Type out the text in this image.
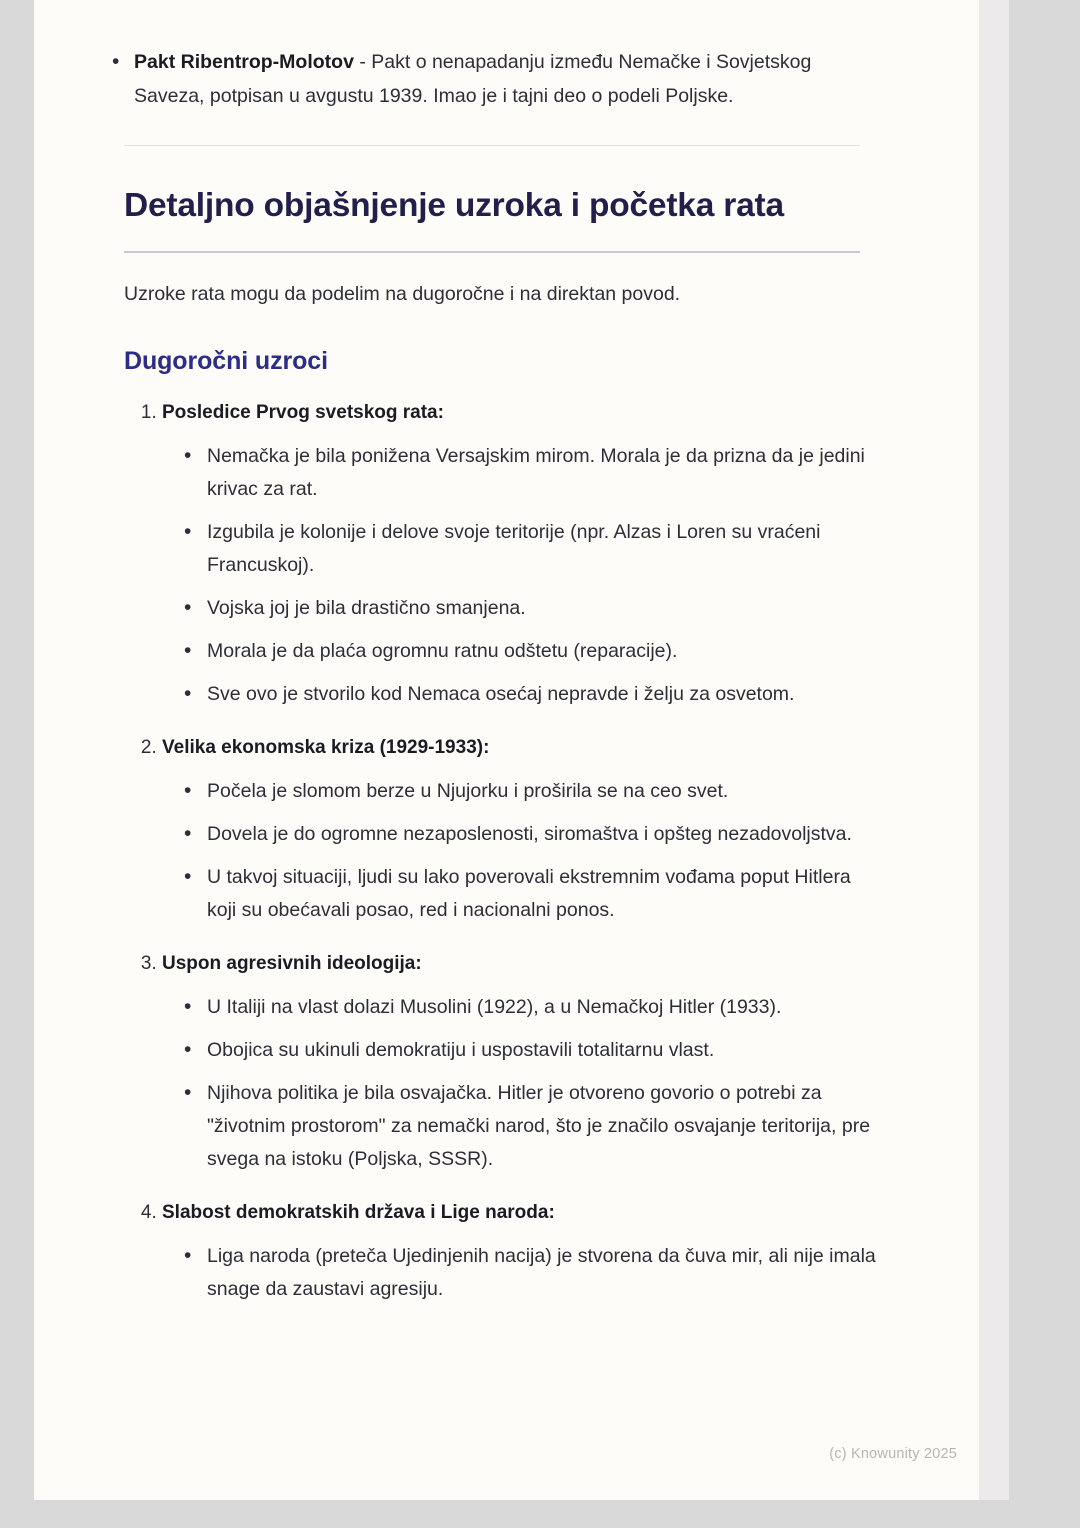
• Pakt Ribentrop-Molotov - Pakt o nenapadanju između Nemačke i Sovjetskog Saveza, potpisan u avgustu 1939. Imao je i tajni deo o podeli Poljske.
Detaljno objašnjenje uzroka i početka rata

Uzroke rata mogu da podelim na dugoročne i na direktan povod.

Dugoročni uzroci
1. Posledice Prvog svetskog rata:
• Nemačka je bila ponižena Versajskim mirom. Morala je da prizna da je jedini krivac za rat.
• Izgubila je kolonije i delove svoje teritorije (npr. Alzas i Loren su vraćeni Francuskoj).
• Vojska joj je bila drastično smanjena.
• Morala je da plaća ogromnu ratnu odštetu (reparacije).
• Sve ovo je stvorilo kod Nemaca osećaj nepravde i želju za osvetom.
2. Velika ekonomska kriza (1929-1933):
• Počela je slomom berze u Njujorku i proširila se na ceo svet.
• Dovela je do ogromne nezaposlenosti, siromaštva i opšteg nezadovoljstva.
• U takvoj situaciji, ljudi su lako poverovali ekstremnim vođama poput Hitlera koji su obećavali posao, red i nacionalni ponos.
3. Uspon agresivnih ideologija:
• U Italiji na vlast dolazi Musolini (1922), a u Nemačkoj Hitler (1933).
• Obojica su ukinuli demokratiju i uspostavili totalitarnu vlast.
• Njihova politika je bila osvajačka. Hitler je otvoreno govorio o potrebi za "životnim prostorom" za nemački narod, što je značilo osvajanje teritorija, pre svega na istoku (Poljska, SSSR).
4. Slabost demokratskih država i Lige naroda:
• Liga naroda (preteča Ujedinjenih nacija) je stvorena da čuva mir, ali nije imala snage da zaustavi agresiju.
(c) Knowunity 2025
